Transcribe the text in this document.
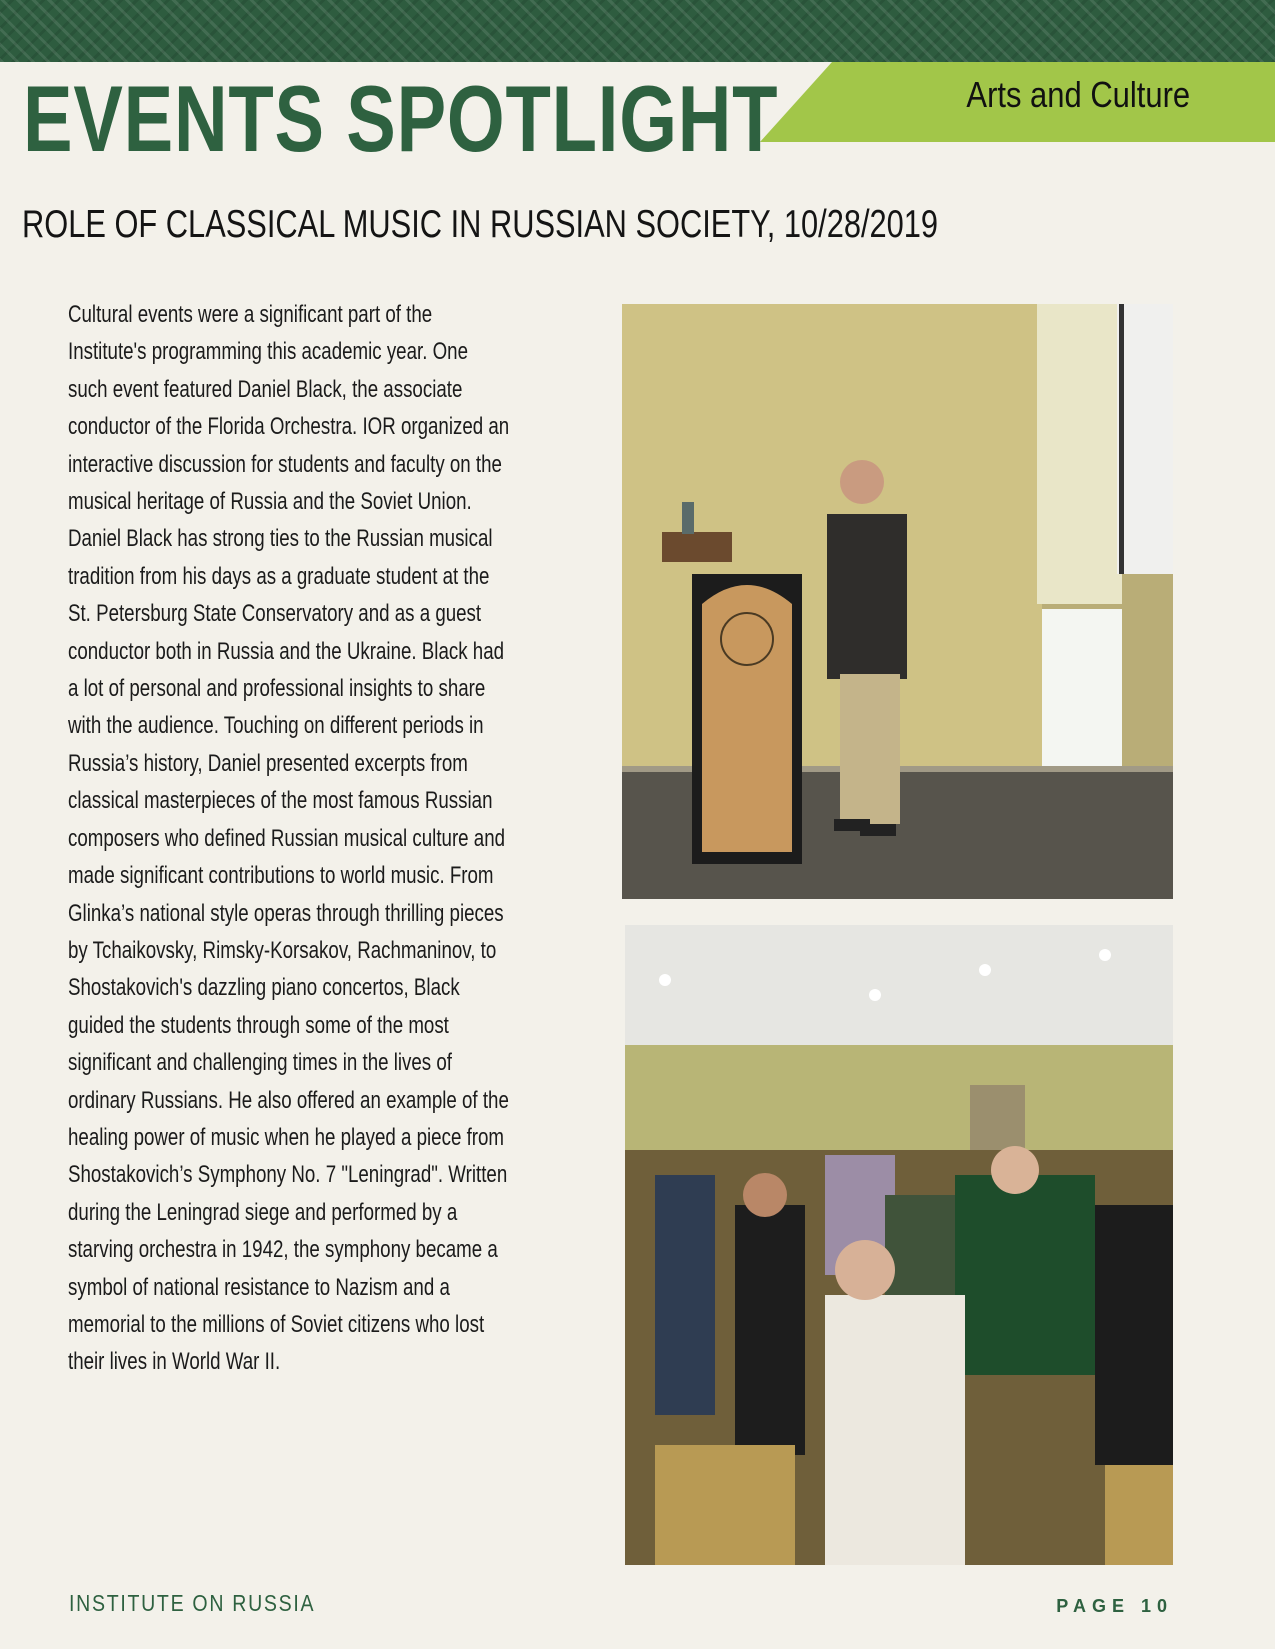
Arts and Culture
EVENTS SPOTLIGHT
ROLE OF CLASSICAL MUSIC IN RUSSIAN SOCIETY, 10/28/2019

Cultural events were a significant part of the Institute's programming this academic year. One such event featured Daniel Black, the associate conductor of the Florida Orchestra. IOR organized an interactive discussion for students and faculty on the musical heritage of Russia and the Soviet Union. Daniel Black has strong ties to the Russian musical tradition from his days as a graduate student at the St. Petersburg State Conservatory and as a guest conductor both in Russia and the Ukraine. Black had a lot of personal and professional insights to share with the audience. Touching on different periods in Russia’s history, Daniel presented excerpts from classical masterpieces of the most famous Russian composers who defined Russian musical culture and made significant contributions to world music. From Glinka’s national style operas through thrilling pieces by Tchaikovsky, Rimsky-Korsakov, Rachmaninov, to Shostakovich's dazzling piano concertos, Black guided the students through some of the most significant and challenging times in the lives of ordinary Russians. He also offered an example of the healing power of music when he played a piece from Shostakovich’s Symphony No. 7 "Leningrad". Written during the Leningrad siege and performed by a starving orchestra in 1942, the symphony became a symbol of national resistance to Nazism and a memorial to the millions of Soviet citizens who lost their lives in World War II.

INSTITUTE ON RUSSIA	PAGE 10
